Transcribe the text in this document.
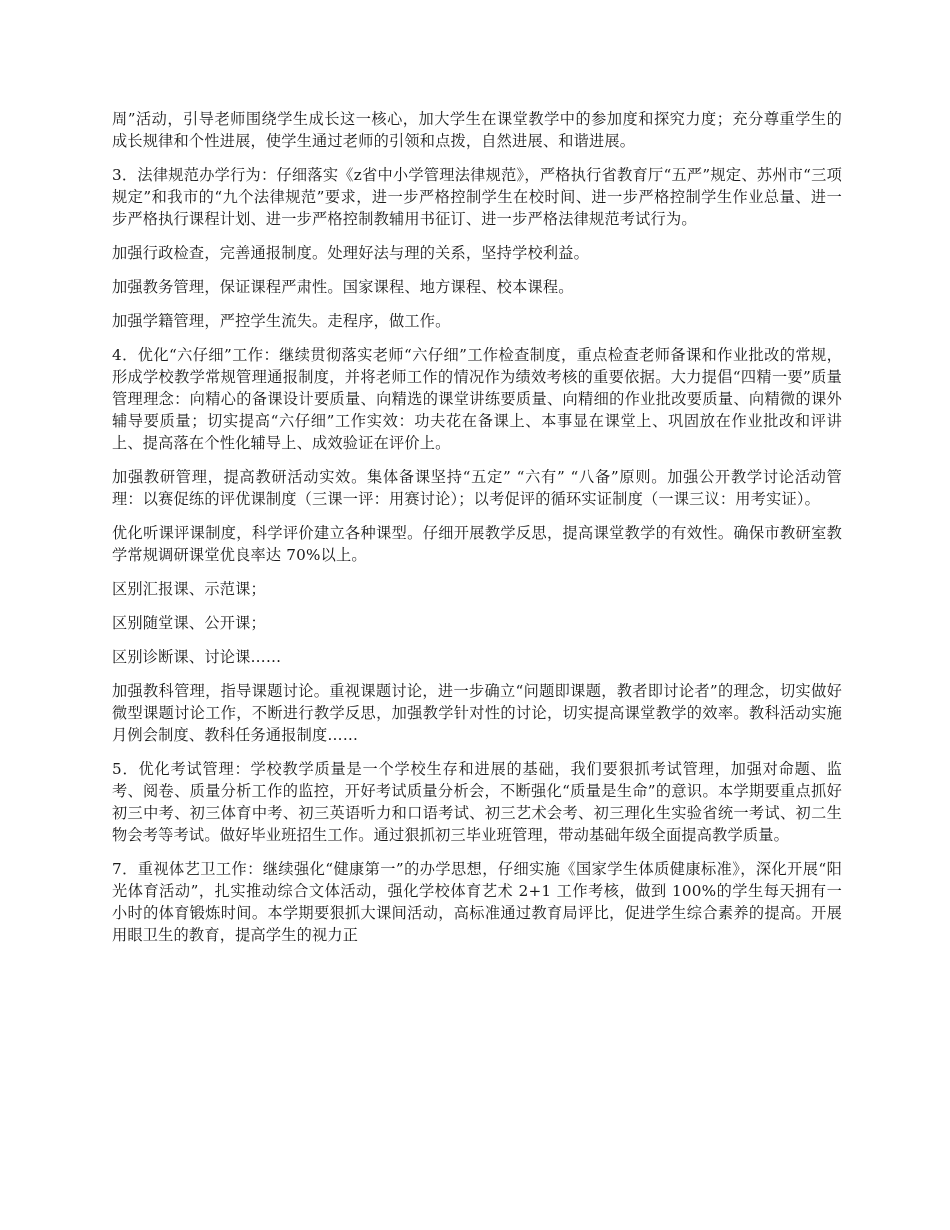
周”活动，引导老师围绕学生成长这一核心，加大学生在课堂教学中的参加度和探究力度；充分尊重学生的成长规律和个性进展，使学生通过老师的引领和点拨，自然进展、和谐进展。

3．法律规范办学行为：仔细落实《z省中小学管理法律规范》，严格执行省教育厅“五严”规定、苏州市“三项规定”和我市的“九个法律规范”要求，进一步严格控制学生在校时间、进一步严格控制学生作业总量、进一步严格执行课程计划、进一步严格控制教辅用书征订、进一步严格法律规范考试行为。

加强行政检查，完善通报制度。处理好法与理的关系，坚持学校利益。

加强教务管理，保证课程严肃性。国家课程、地方课程、校本课程。

加强学籍管理，严控学生流失。走程序，做工作。

4．优化“六仔细”工作：继续贯彻落实老师“六仔细”工作检查制度，重点检查老师备课和作业批改的常规，形成学校教学常规管理通报制度，并将老师工作的情况作为绩效考核的重要依据。大力提倡“四精一要”质量管理理念：向精心的备课设计要质量、向精选的课堂讲练要质量、向精细的作业批改要质量、向精微的课外辅导要质量；切实提高“六仔细”工作实效：功夫花在备课上、本事显在课堂上、巩固放在作业批改和评讲上、提高落在个性化辅导上、成效验证在评价上。

加强教研管理，提高教研活动实效。集体备课坚持“五定” “六有” “八备”原则。加强公开教学讨论活动管理：以赛促练的评优课制度（三课一评：用赛讨论）；以考促评的循环实证制度（一课三议：用考实证）。

优化听课评课制度，科学评价建立各种课型。仔细开展教学反思，提高课堂教学的有效性。确保市教研室教学常规调研课堂优良率达 70%以上。

区别汇报课、示范课；

区别随堂课、公开课；

区别诊断课、讨论课……

加强教科管理，指导课题讨论。重视课题讨论，进一步确立“问题即课题，教者即讨论者”的理念，切实做好微型课题讨论工作，不断进行教学反思，加强教学针对性的讨论，切实提高课堂教学的效率。教科活动实施月例会制度、教科任务通报制度……

5．优化考试管理：学校教学质量是一个学校生存和进展的基础，我们要狠抓考试管理，加强对命题、监考、阅卷、质量分析工作的监控，开好考试质量分析会，不断强化“质量是生命”的意识。本学期要重点抓好初三中考、初三体育中考、初三英语听力和口语考试、初三艺术会考、初三理化生实验省统一考试、初二生物会考等考试。做好毕业班招生工作。通过狠抓初三毕业班管理，带动基础年级全面提高教学质量。

7．重视体艺卫工作：继续强化“健康第一”的办学思想，仔细实施《国家学生体质健康标准》，深化开展“阳光体育活动”，扎实推动综合文体活动，强化学校体育艺术 2+1 工作考核，做到 100%的学生每天拥有一小时的体育锻炼时间。本学期要狠抓大课间活动，高标准通过教育局评比，促进学生综合素养的提高。开展用眼卫生的教育，提高学生的视力正
